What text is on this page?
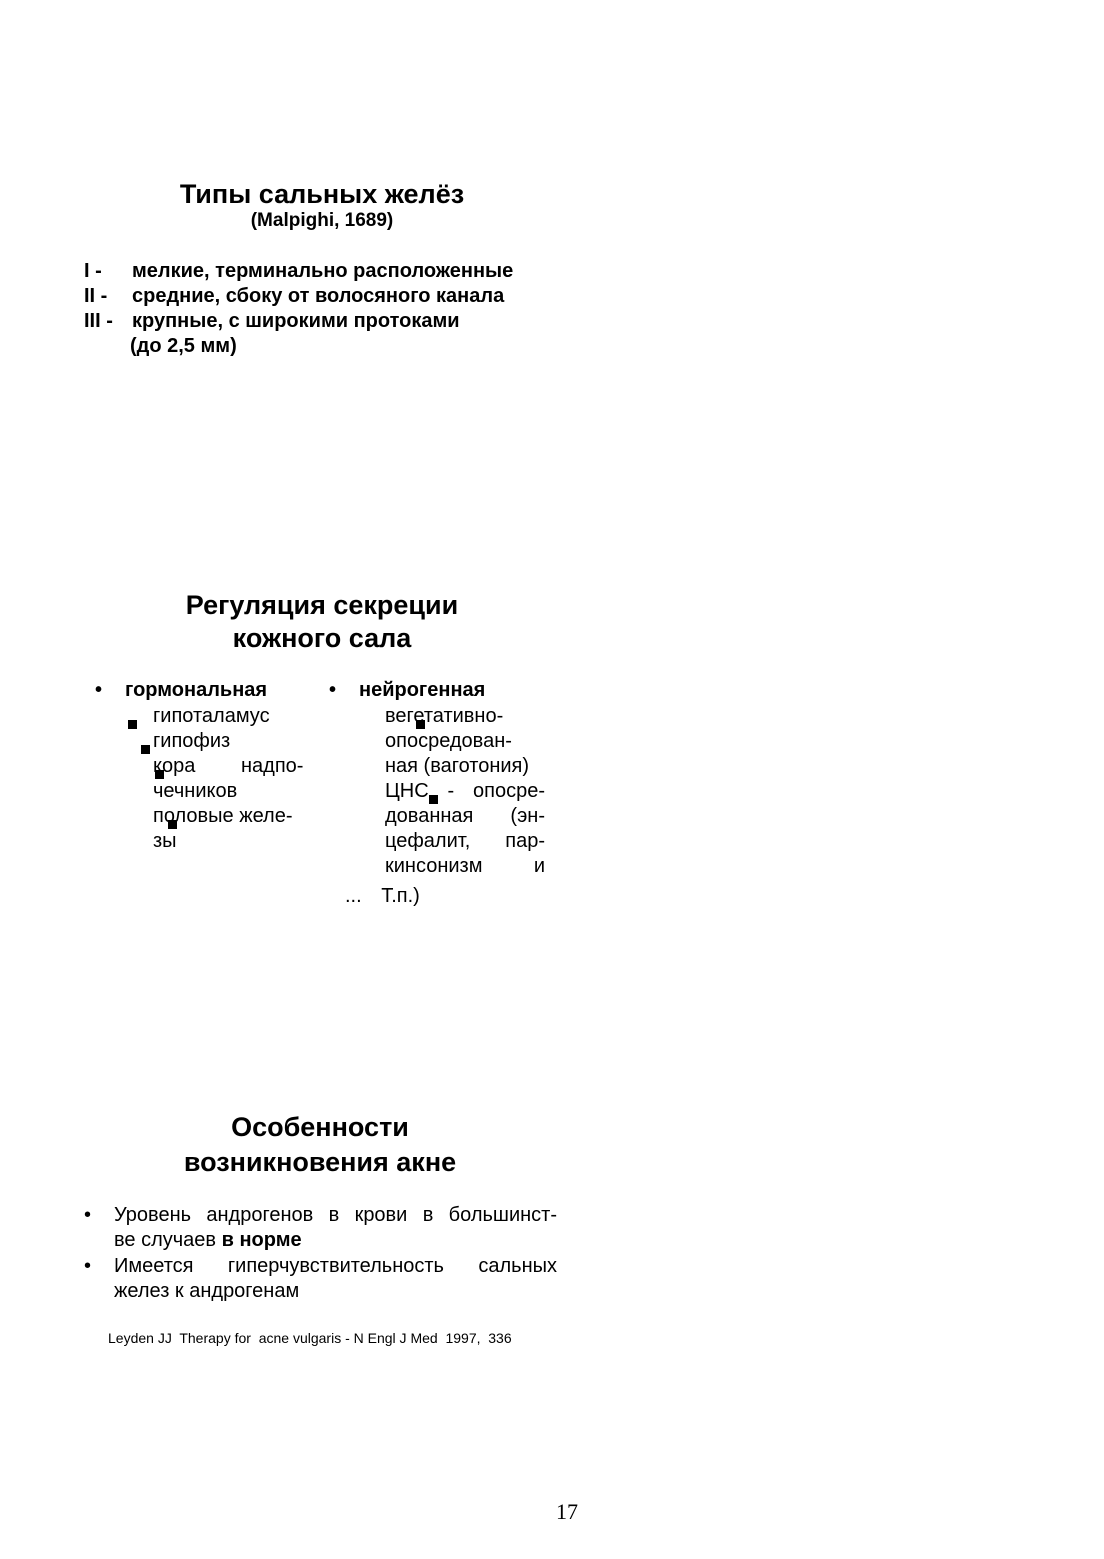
Типы сальных желёз
(Malpighi, 1689)
I - мелкие, терминально расположенные
II - средние, сбоку от волосяного канала
III - крупные, с широкими протоками
(до 2,5 мм)
Регуляция секреции
кожного сала
• гормональная	• нейрогенная

гипоталамус

гипофиз

кора надпо-
чечников

половые желе-
зы

вегетативно-
опосредован-
ная (ваготония)
ЦНС - опосре-
дованная (эн-
цефалит, пар-
кинсонизм и
... Т.п.)
Особенности
возникновения акне
• Уровень андрогенов в крови в большинст-
ве случаев в норме
• Имеется гиперчувствительность сальных
желез к андрогенам
Leyden JJ  Therapy for  acne vulgaris - N Engl J Med  1997,  336
17
